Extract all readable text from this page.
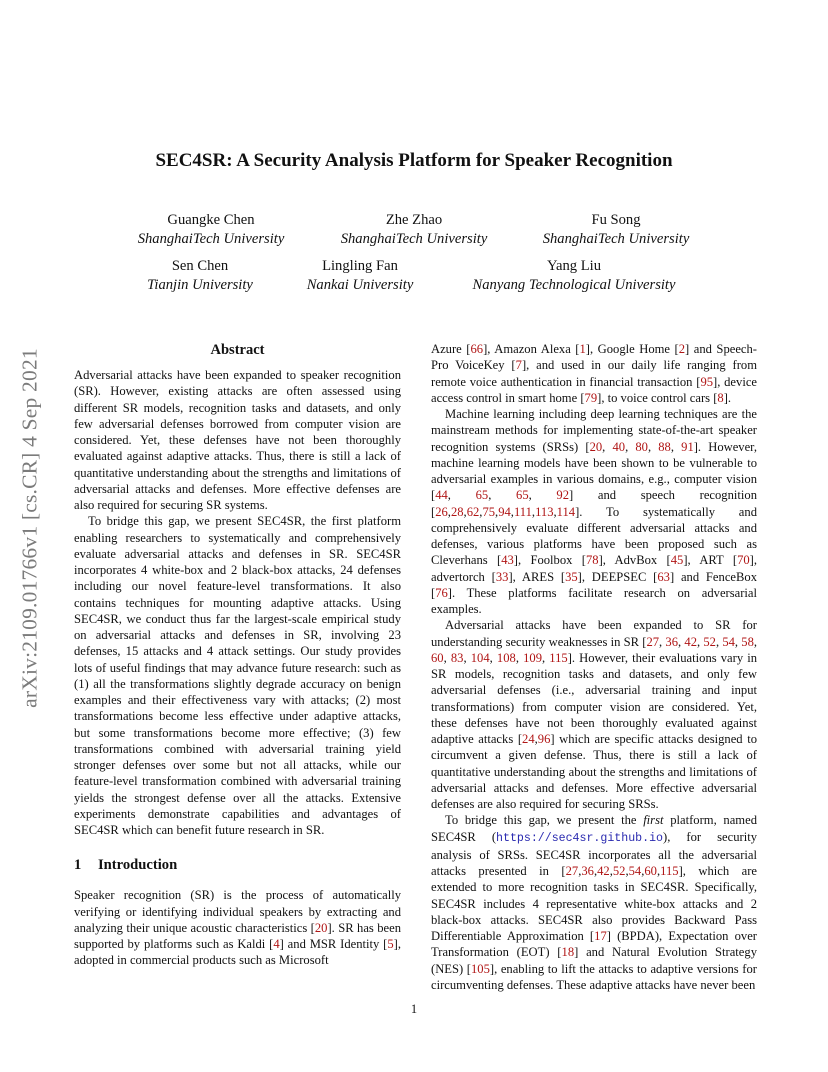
arXiv:2109.01766v1 [cs.CR] 4 Sep 2021
SEC4SR: A Security Analysis Platform for Speaker Recognition
Guangke Chen
ShanghaiTech University
Zhe Zhao
ShanghaiTech University
Fu Song
ShanghaiTech University
Sen Chen
Tianjin University
Lingling Fan
Nankai University
Yang Liu
Nanyang Technological University
Abstract

Adversarial attacks have been expanded to speaker recognition (SR). However, existing attacks are often assessed using different SR models, recognition tasks and datasets, and only few adversarial defenses borrowed from computer vision are considered. Yet, these defenses have not been thoroughly evaluated against adaptive attacks. Thus, there is still a lack of quantitative understanding about the strengths and limitations of adversarial attacks and defenses. More effective defenses are also required for securing SR systems.

To bridge this gap, we present SEC4SR, the first platform enabling researchers to systematically and comprehensively evaluate adversarial attacks and defenses in SR. SEC4SR incorporates 4 white-box and 2 black-box attacks, 24 defenses including our novel feature-level transformations. It also contains techniques for mounting adaptive attacks. Using SEC4SR, we conduct thus far the largest-scale empirical study on adversarial attacks and defenses in SR, involving 23 defenses, 15 attacks and 4 attack settings. Our study provides lots of useful findings that may advance future research: such as (1) all the transformations slightly degrade accuracy on benign examples and their effectiveness vary with attacks; (2) most transformations become less effective under adaptive attacks, but some transformations become more effective; (3) few transformations combined with adversarial training yield stronger defenses over some but not all attacks, while our feature-level transformation combined with adversarial training yields the strongest defense over all the attacks. Extensive experiments demonstrate capabilities and advantages of SEC4SR which can benefit future research in SR.

1 Introduction

Speaker recognition (SR) is the process of automatically verifying or identifying individual speakers by extracting and analyzing their unique acoustic characteristics [20]. SR has been supported by platforms such as Kaldi [4] and MSR Identity [5], adopted in commercial products such as Microsoft

Azure [66], Amazon Alexa [1], Google Home [2] and Speech-Pro VoiceKey [7], and used in our daily life ranging from remote voice authentication in financial transaction [95], device access control in smart home [79], to voice control cars [8].

Machine learning including deep learning techniques are the mainstream methods for implementing state-of-the-art speaker recognition systems (SRSs) [20, 40, 80, 88, 91]. However, machine learning models have been shown to be vulnerable to adversarial examples in various domains, e.g., computer vision [44, 65, 65, 92] and speech recognition [26,28,62,75,94,111,113,114]. To systematically and comprehensively evaluate different adversarial attacks and defenses, various platforms have been proposed such as Cleverhans [43], Foolbox [78], AdvBox [45], ART [70], advertorch [33], ARES [35], DEEPSEC [63] and FenceBox [76]. These platforms facilitate research on adversarial examples.

Adversarial attacks have been expanded to SR for understanding security weaknesses in SR [27, 36, 42, 52, 54, 58, 60, 83, 104, 108, 109, 115]. However, their evaluations vary in SR models, recognition tasks and datasets, and only few adversarial defenses (i.e., adversarial training and input transformations) from computer vision are considered. Yet, these defenses have not been thoroughly evaluated against adaptive attacks [24,96] which are specific attacks designed to circumvent a given defense. Thus, there is still a lack of quantitative understanding about the strengths and limitations of adversarial attacks and defenses. More effective adversarial defenses are also required for securing SRSs.

To bridge this gap, we present the first platform, named SEC4SR (https://sec4sr.github.io), for security analysis of SRSs. SEC4SR incorporates all the adversarial attacks presented in [27,36,42,52,54,60,115], which are extended to more recognition tasks in SEC4SR. Specifically, SEC4SR includes 4 representative white-box attacks and 2 black-box attacks. SEC4SR also provides Backward Pass Differentiable Approximation [17] (BPDA), Expectation over Transformation (EOT) [18] and Natural Evolution Strategy (NES) [105], enabling to lift the attacks to adaptive versions for circumventing defenses. These adaptive attacks have never been

1
